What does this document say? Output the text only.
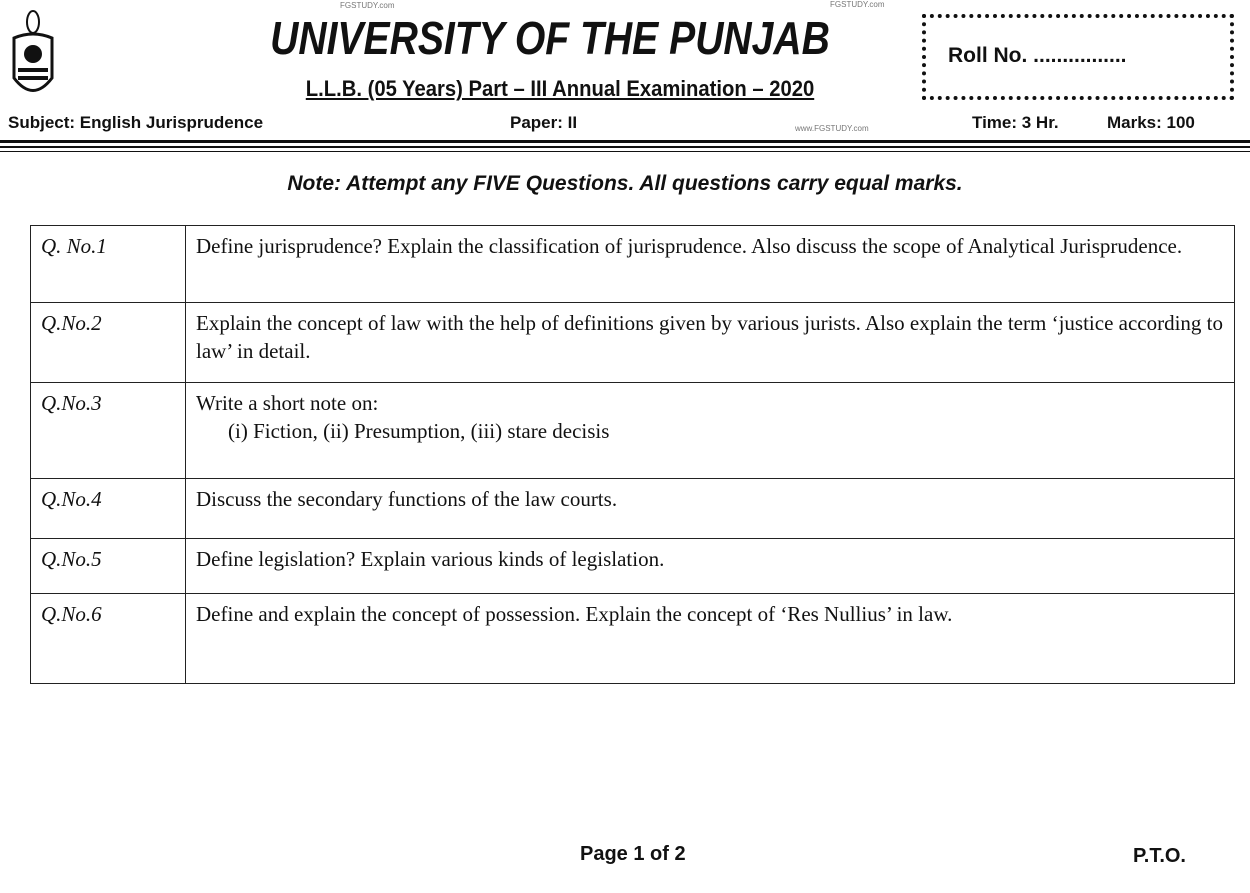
FGSTUDY.com	FGSTUDY.com
UNIVERSITY OF THE PUNJAB
L.L.B. (05 Years) Part – III Annual Examination – 2020
Roll No. ................
Subject: English Jurisprudence	Paper: II	www.FGSTUDY.com	Time: 3 Hr.	Marks: 100
Note: Attempt any FIVE Questions. All questions carry equal marks.
Q. No.1	Define jurisprudence? Explain the classification of jurisprudence. Also discuss the scope of Analytical Jurisprudence.
Q.No.2	Explain the concept of law with the help of definitions given by various jurists. Also explain the term ‘justice according to law’ in detail.
Q.No.3	Write a short note on:
(i) Fiction, (ii) Presumption, (iii) stare decisis

Q.No.4	Discuss the secondary functions of the law courts.
Q.No.5	Define legislation? Explain various kinds of legislation.
Q.No.6	Define and explain the concept of possession. Explain the concept of ‘Res Nullius’ in law.
Page 1 of 2	P.T.O.
